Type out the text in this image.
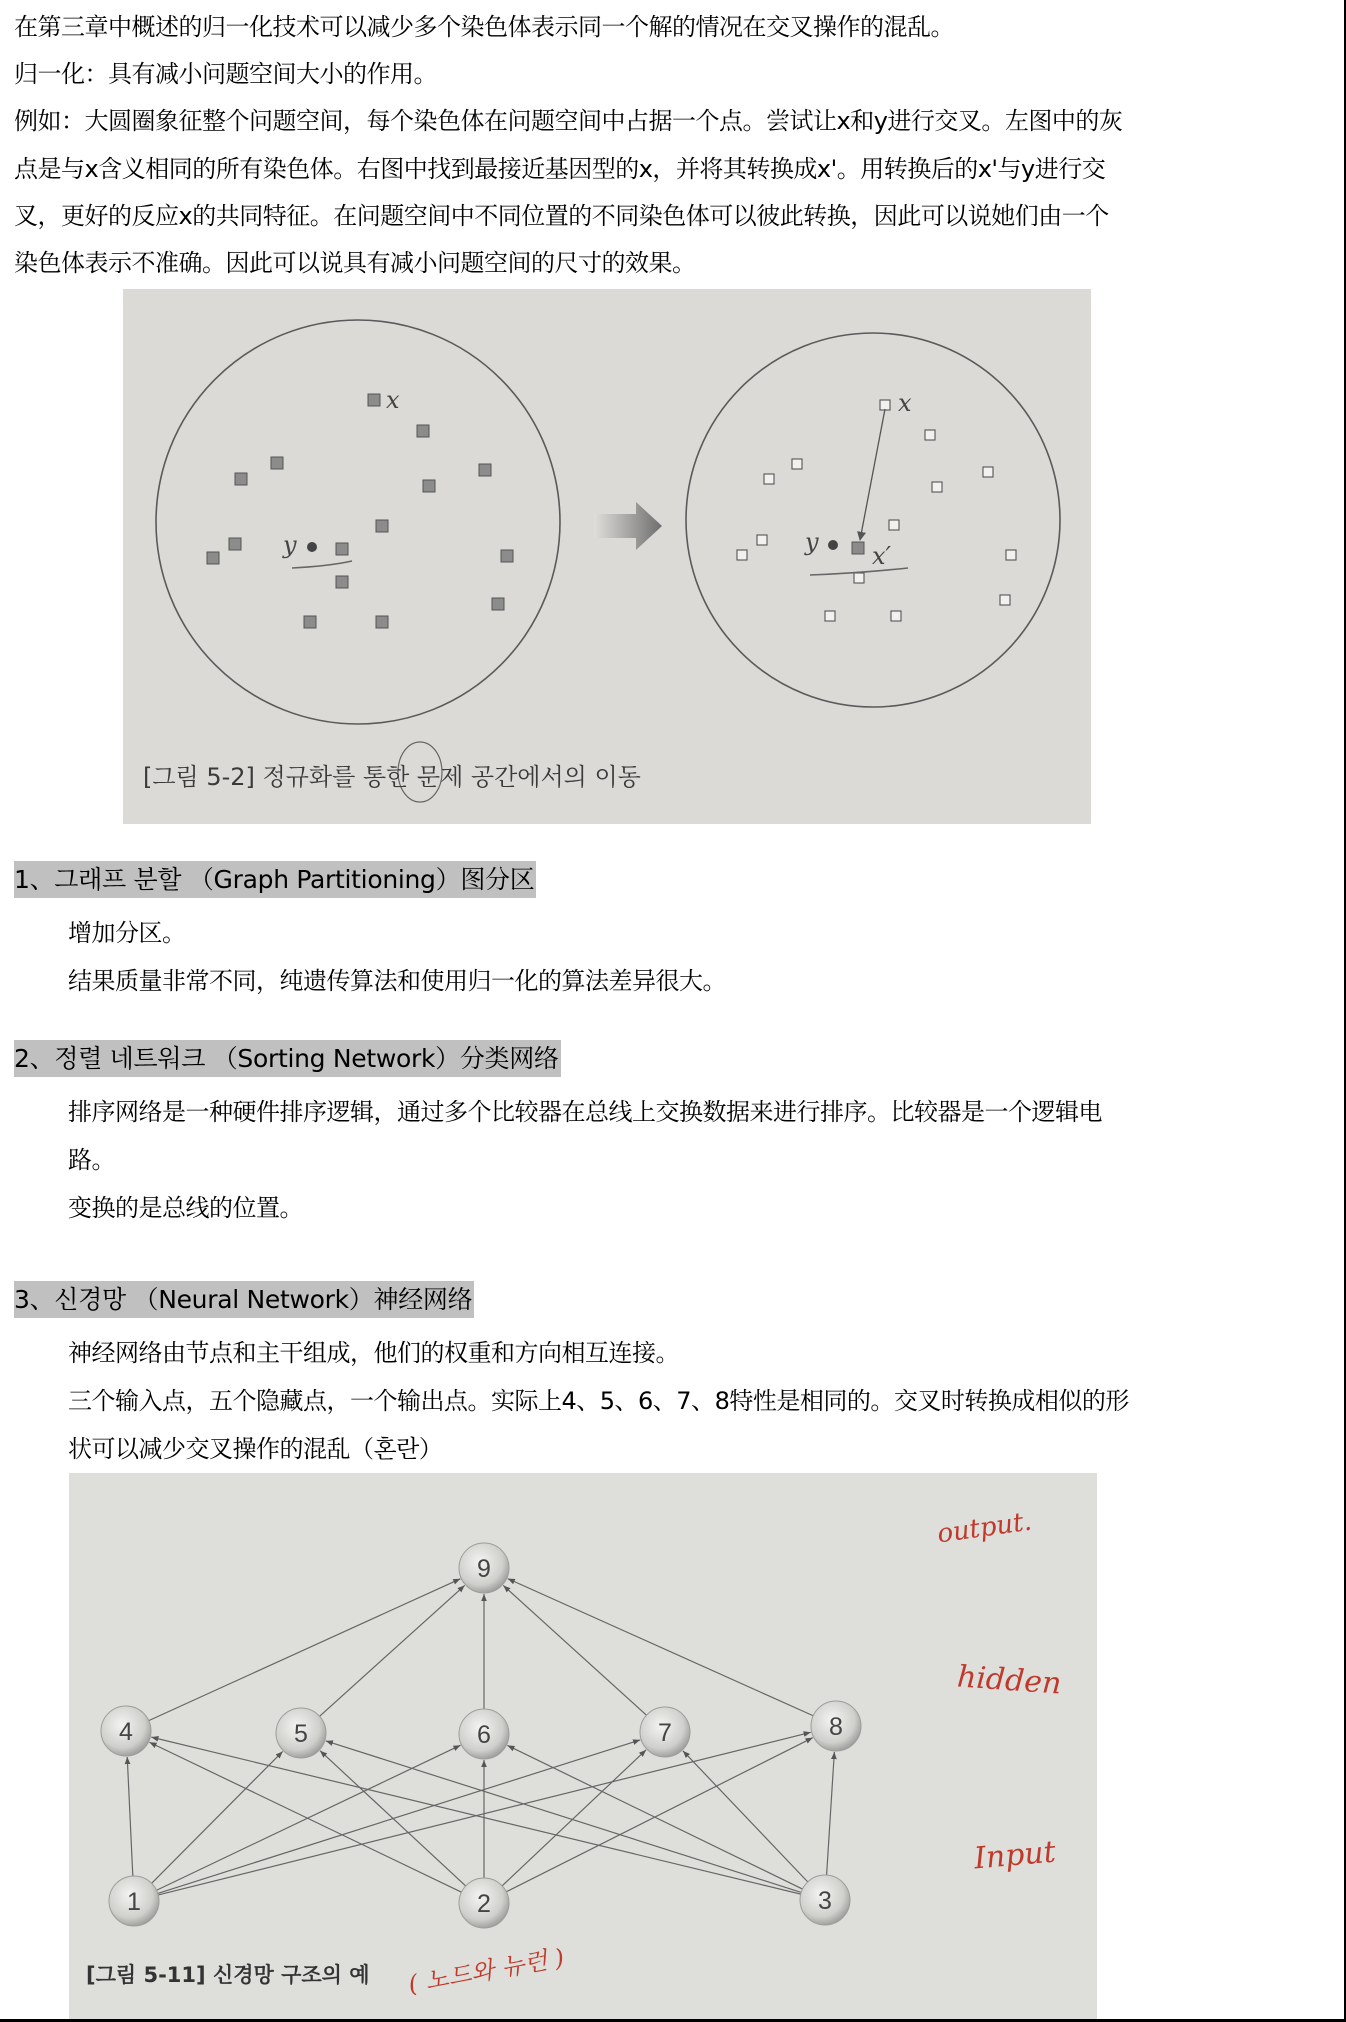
在第三章中概述的归一化技术可以减少多个染色体表示同一个解的情况在交叉操作的混乱。
归一化：具有减小问题空间大小的作用。
例如：大圆圈象征整个问题空间，每个染色体在问题空间中占据一个点。尝试让x和y进行交叉。左图中的灰
点是与x含义相同的所有染色体。右图中找到最接近基因型的x，并将其转换成x'。用转换后的x'与y进行交
叉，更好的反应x的共同特征。在问题空间中不同位置的不同染色体可以彼此转换，因此可以说她们由一个
染色体表示不准确。因此可以说具有减小问题空间的尺寸的效果。
x
y
x
y x′
[그림 5-2] 정규화를 통한 문제 공간에서의 이동
1、그래프 분할 （Graph Partitioning）图分区
增加分区。
结果质量非常不同，纯遗传算法和使用归一化的算法差异很大。
2、정렬 네트워크 （Sorting Network）分类网络
排序网络是一种硬件排序逻辑，通过多个比较器在总线上交换数据来进行排序。比较器是一个逻辑电
路。
变换的是总线的位置。
3、신경망 （Neural Network）神经网络
神经网络由节点和主干组成，他们的权重和方向相互连接。
三个输入点，五个隐藏点，一个输出点。实际上4、5、6、7、8特性是相同的。交叉时转换成相似的形
状可以减少交叉操作的混乱（혼란）
1	2	3
4	5	6	7	8
9
[그림 5-11] 신경망 구조의 예 ( 노드와 뉴런 )
output.
hidden
Input
